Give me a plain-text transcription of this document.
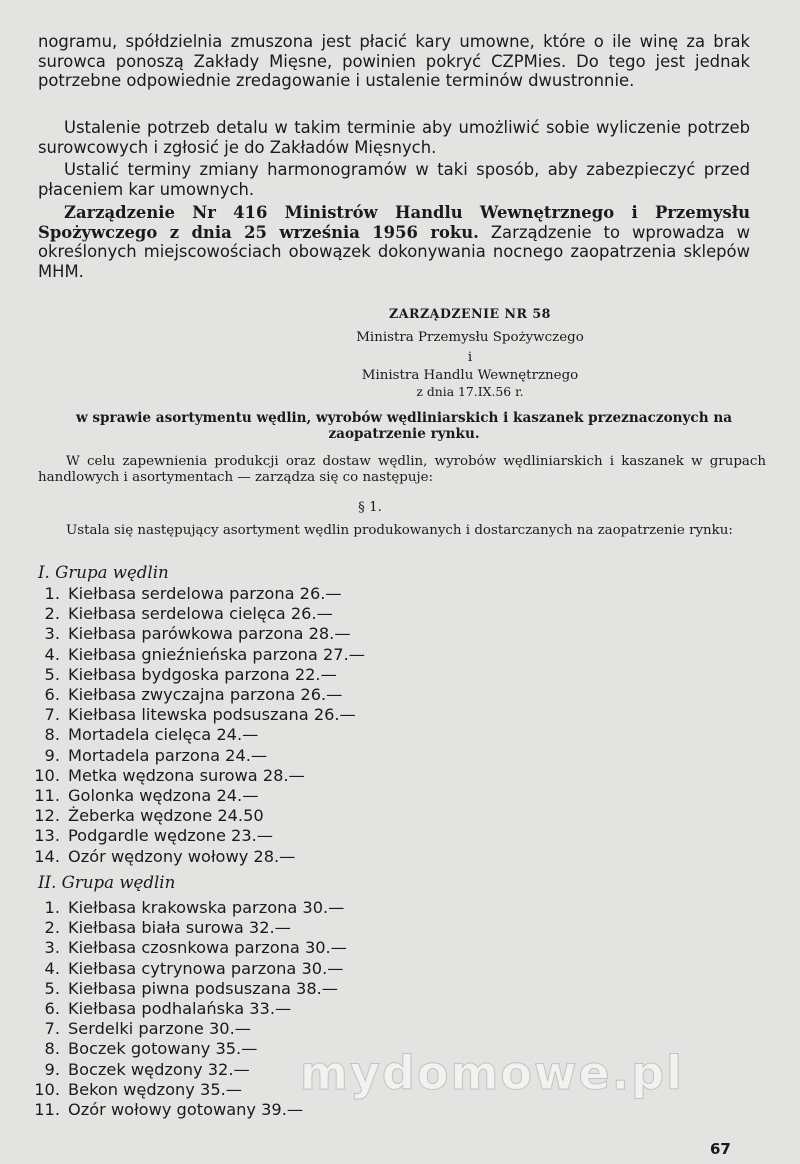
nogramu, spółdzielnia zmuszona jest płacić kary umowne, które o ile winę za brak surowca ponoszą Zakłady Mięsne, powinien pokryć CZPMies. Do tego jest jednak potrzebne odpowiednie zredagowanie i ustalenie terminów dwustronnie.

Ustalenie potrzeb detalu w takim terminie aby umożliwić sobie wyliczenie potrzeb surowcowych i zgłosić je do Zakładów Mięsnych.

Ustalić terminy zmiany harmonogramów w taki sposób, aby zabezpieczyć przed płaceniem kar umownych.

Zarządzenie Nr 416 Ministrów Handlu Wewnętrznego i Przemysłu Spożywczego z dnia 25 września 1956 roku. Zarządzenie to wprowadza w określonych miejscowościach obowązek dokonywania nocnego zaopatrzenia sklepów MHM.

ZARZĄDZENIE NR 58

Ministra Przemysłu Spożywczego

i

Ministra Handlu Wewnętrznego

z dnia 17.IX.56 r.

w sprawie asortymentu wędlin, wyrobów wędliniarskich i kaszanek przeznaczonych na zaopatrzenie rynku.

W celu zapewnienia produkcji oraz dostaw wędlin, wyrobów wędliniarskich i kaszanek w grupach handlowych i asortymentach — zarządza się co następuje:

§ 1.

Ustala się następujący asortyment wędlin produkowanych i dostarczanych na zaopatrzenie rynku:

I. Grupa wędlin

1. Kiełbasa serdelowa parzona 26.—
2. Kiełbasa serdelowa cielęca 26.—
3. Kiełbasa parówkowa parzona 28.—
4. Kiełbasa gnieźnieńska parzona 27.—
5. Kiełbasa bydgoska parzona 22.—
6. Kiełbasa zwyczajna parzona 26.—
7. Kiełbasa litewska podsuszana 26.—
8. Mortadela cielęca 24.—
9. Mortadela parzona 24.—
10. Metka wędzona surowa 28.—
11. Golonka wędzona 24.—
12. Żeberka wędzone 24.50
13. Podgardle wędzone 23.—
14. Ozór wędzony wołowy 28.—

II. Grupa wędlin

1. Kiełbasa krakowska parzona 30.—
2. Kiełbasa biała surowa 32.—
3. Kiełbasa czosnkowa parzona 30.—
4. Kiełbasa cytrynowa parzona 30.—
5. Kiełbasa piwna podsuszana 38.—
6. Kiełbasa podhalańska 33.—
7. Serdelki parzone 30.—
8. Boczek gotowany 35.—
9. Boczek wędzony 32.—
10. Bekon wędzony 35.—
11. Ozór wołowy gotowany 39.—
mydomowe.pl

67
